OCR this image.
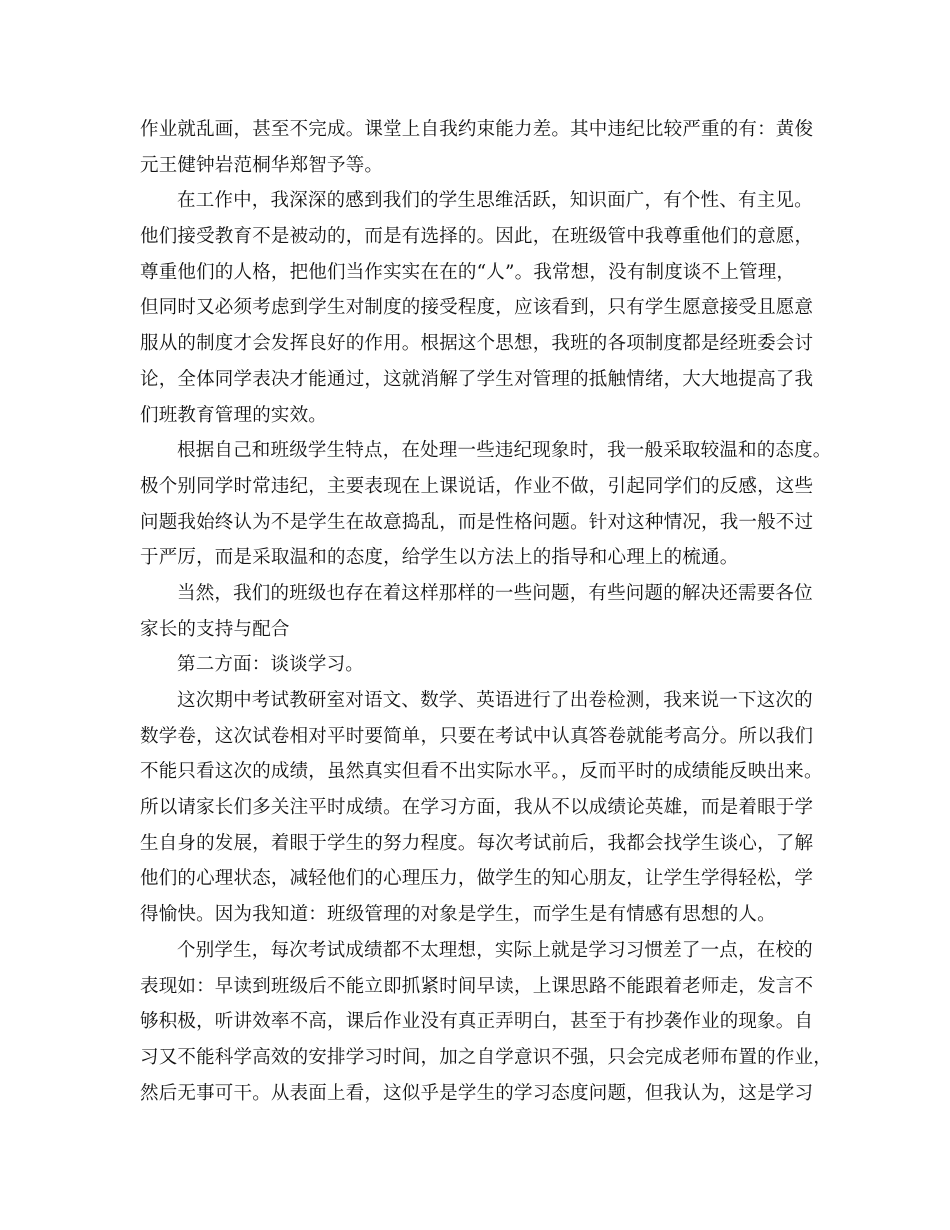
作业就乱画，甚至不完成。课堂上自我约束能力差。其中违纪比较严重的有：黄俊
元王健钟岩范桐华郑智予等。
在工作中，我深深的感到我们的学生思维活跃，知识面广，有个性、有主见。
他们接受教育不是被动的，而是有选择的。因此，在班级管中我尊重他们的意愿，
尊重他们的人格，把他们当作实实在在的“人”。我常想，没有制度谈不上管理，
但同时又必须考虑到学生对制度的接受程度，应该看到，只有学生愿意接受且愿意
服从的制度才会发挥良好的作用。根据这个思想，我班的各项制度都是经班委会讨
论，全体同学表决才能通过，这就消解了学生对管理的抵触情绪，大大地提高了我
们班教育管理的实效。
根据自己和班级学生特点，在处理一些违纪现象时，我一般采取较温和的态度。
极个别同学时常违纪，主要表现在上课说话，作业不做，引起同学们的反感，这些
问题我始终认为不是学生在故意捣乱，而是性格问题。针对这种情况，我一般不过
于严厉，而是采取温和的态度，给学生以方法上的指导和心理上的梳通。
当然，我们的班级也存在着这样那样的一些问题，有些问题的解决还需要各位
家长的支持与配合
第二方面：谈谈学习。
这次期中考试教研室对语文、数学、英语进行了出卷检测，我来说一下这次的
数学卷，这次试卷相对平时要简单，只要在考试中认真答卷就能考高分。所以我们
不能只看这次的成绩，虽然真实但看不出实际水平。，反而平时的成绩能反映出来。
所以请家长们多关注平时成绩。在学习方面，我从不以成绩论英雄，而是着眼于学
生自身的发展，着眼于学生的努力程度。每次考试前后，我都会找学生谈心，了解
他们的心理状态，减轻他们的心理压力，做学生的知心朋友，让学生学得轻松，学
得愉快。因为我知道：班级管理的对象是学生，而学生是有情感有思想的人。
个别学生，每次考试成绩都不太理想，实际上就是学习习惯差了一点，在校的
表现如：早读到班级后不能立即抓紧时间早读，上课思路不能跟着老师走，发言不
够积极，听讲效率不高，课后作业没有真正弄明白，甚至于有抄袭作业的现象。自
习又不能科学高效的安排学习时间，加之自学意识不强，只会完成老师布置的作业，
然后无事可干。从表面上看，这似乎是学生的学习态度问题，但我认为，这是学习
